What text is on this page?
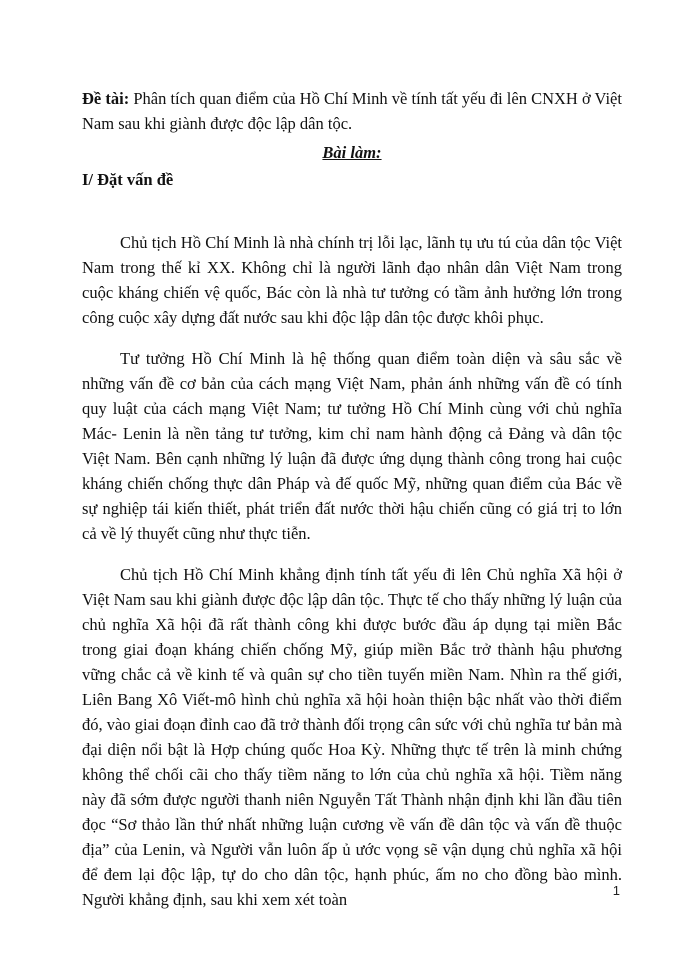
Đề tài: Phân tích quan điểm của Hồ Chí Minh về tính tất yếu đi lên CNXH ở Việt Nam sau khi giành được độc lập dân tộc.

Bài làm:

I/ Đặt vấn đề

Chủ tịch Hồ Chí Minh là nhà chính trị lỗi lạc, lãnh tụ ưu tú của dân tộc Việt Nam trong thế kỉ XX. Không chỉ là người lãnh đạo nhân dân Việt Nam trong cuộc kháng chiến vệ quốc, Bác còn là nhà tư tưởng có tầm ảnh hưởng lớn trong công cuộc xây dựng đất nước sau khi độc lập dân tộc được khôi phục.

Tư tưởng Hồ Chí Minh là hệ thống quan điểm toàn diện và sâu sắc về những vấn đề cơ bản của cách mạng Việt Nam, phản ánh những vấn đề có tính quy luật của cách mạng Việt Nam; tư tưởng Hồ Chí Minh cùng với chủ nghĩa Mác- Lenin là nền tảng tư tưởng, kim chỉ nam hành động cả Đảng và dân tộc Việt Nam. Bên cạnh những lý luận đã được ứng dụng thành công trong hai cuộc kháng chiến chống thực dân Pháp và đế quốc Mỹ, những quan điểm của Bác về sự nghiệp tái kiến thiết, phát triển đất nước thời hậu chiến cũng có giá trị to lớn cả về lý thuyết cũng như thực tiễn.

Chủ tịch Hồ Chí Minh khẳng định tính tất yếu đi lên Chủ nghĩa Xã hội ở Việt Nam sau khi giành được độc lập dân tộc. Thực tế cho thấy những lý luận của chủ nghĩa Xã hội đã rất thành công khi được bước đầu áp dụng tại miền Bắc trong giai đoạn kháng chiến chống Mỹ, giúp miền Bắc trở thành hậu phương vững chắc cả về kinh tế và quân sự cho tiền tuyến miền Nam. Nhìn ra thế giới, Liên Bang Xô Viết-mô hình chủ nghĩa xã hội hoàn thiện bậc nhất vào thời điểm đó, vào giai đoạn đỉnh cao đã trở thành đối trọng cân sức với chủ nghĩa tư bản mà đại diện nổi bật là Hợp chúng quốc Hoa Kỳ. Những thực tế trên là minh chứng không thể chối cãi cho thấy tiềm năng to lớn của chủ nghĩa xã hội. Tiềm năng này đã sớm được người thanh niên Nguyễn Tất Thành nhận định khi lần đầu tiên đọc “Sơ thảo lần thứ nhất những luận cương về vấn đề dân tộc và vấn đề thuộc địa” của Lenin, và Người vẫn luôn ấp ủ ước vọng sẽ vận dụng chủ nghĩa xã hội để đem lại độc lập, tự do cho dân tộc, hạnh phúc, ấm no cho đồng bào mình. Người khẳng định, sau khi xem xét toàn	1
